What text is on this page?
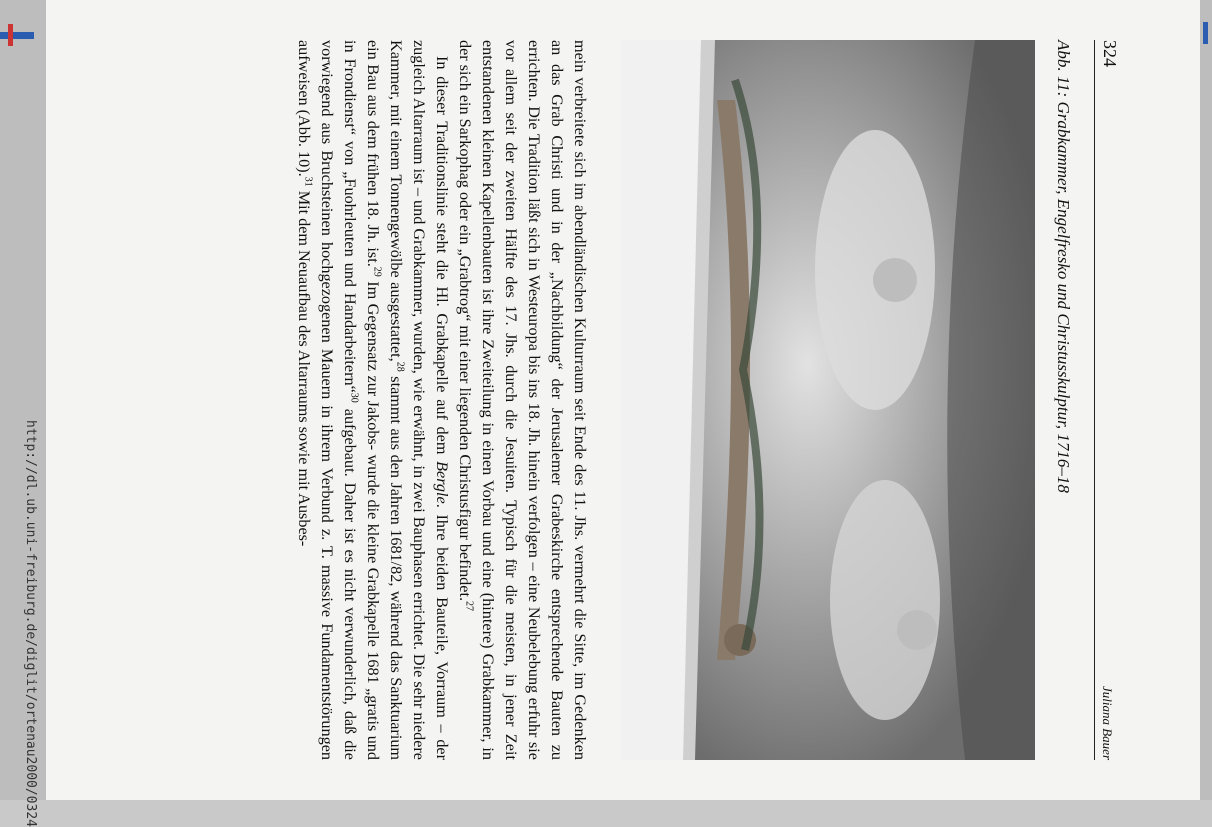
http://dl.ub.uni-freiburg.de/diglit/ortenau2000/0324
324
Juliana Bauer
Abb. 11: Grabkammer, Engelfresko und Christusskulptur, 1716–18

mein verbreitete sich im abendländischen Kulturraum seit Ende des 11. Jhs. vermehrt die Sitte, im Gedenken an das Grab Christi und in der „Nachbildung“ der Jerusalemer Grabeskirche entsprechende Bauten zu errichten. Die Tradition läßt sich in Westeuropa bis ins 18. Jh. hinein verfolgen – eine Neubelebung erfuhr sie vor allem seit der zweiten Hälfte des 17. Jhs. durch die Jesuiten. Typisch für die meisten, in jener Zeit entstandenen kleinen Kapellenbauten ist ihre Zweiteilung in einen Vorbau und eine (hintere) Grabkammer, in der sich ein Sarkophag oder ein „Grabtrog“ mit einer liegenden Christusfigur befindet.$^{27}$

In dieser Traditionslinie steht die Hl. Grabkapelle auf dem Bergle. Ihre beiden Bauteile, Vorraum – der zugleich Altarraum ist – und Grabkammer, wurden, wie erwähnt, in zwei Bauphasen errichtet. Die sehr niedere Kammer, mit einem Tonnengewölbe ausgestattet,$^{28}$ stammt aus den Jahren 1681/82, während das Sanktuarium ein Bau aus dem frühen 18. Jh. ist.$^{29}$ Im Gegensatz zur Jakobs- wurde die kleine Grabkapelle 1681 „gratis und in Frondienst“ von „Fuohrleuten und Handarbeitern“$^{30}$ aufgebaut. Daher ist es nicht verwunderlich, daß die vorwiegend aus Bruchsteinen hochgezogenen Mauern in ihrem Verbund z. T. massive Fundamentstörungen aufweisen (Abb. 10).$^{31}$ Mit dem Neuaufbau des Altarraums sowie mit Ausbes-
